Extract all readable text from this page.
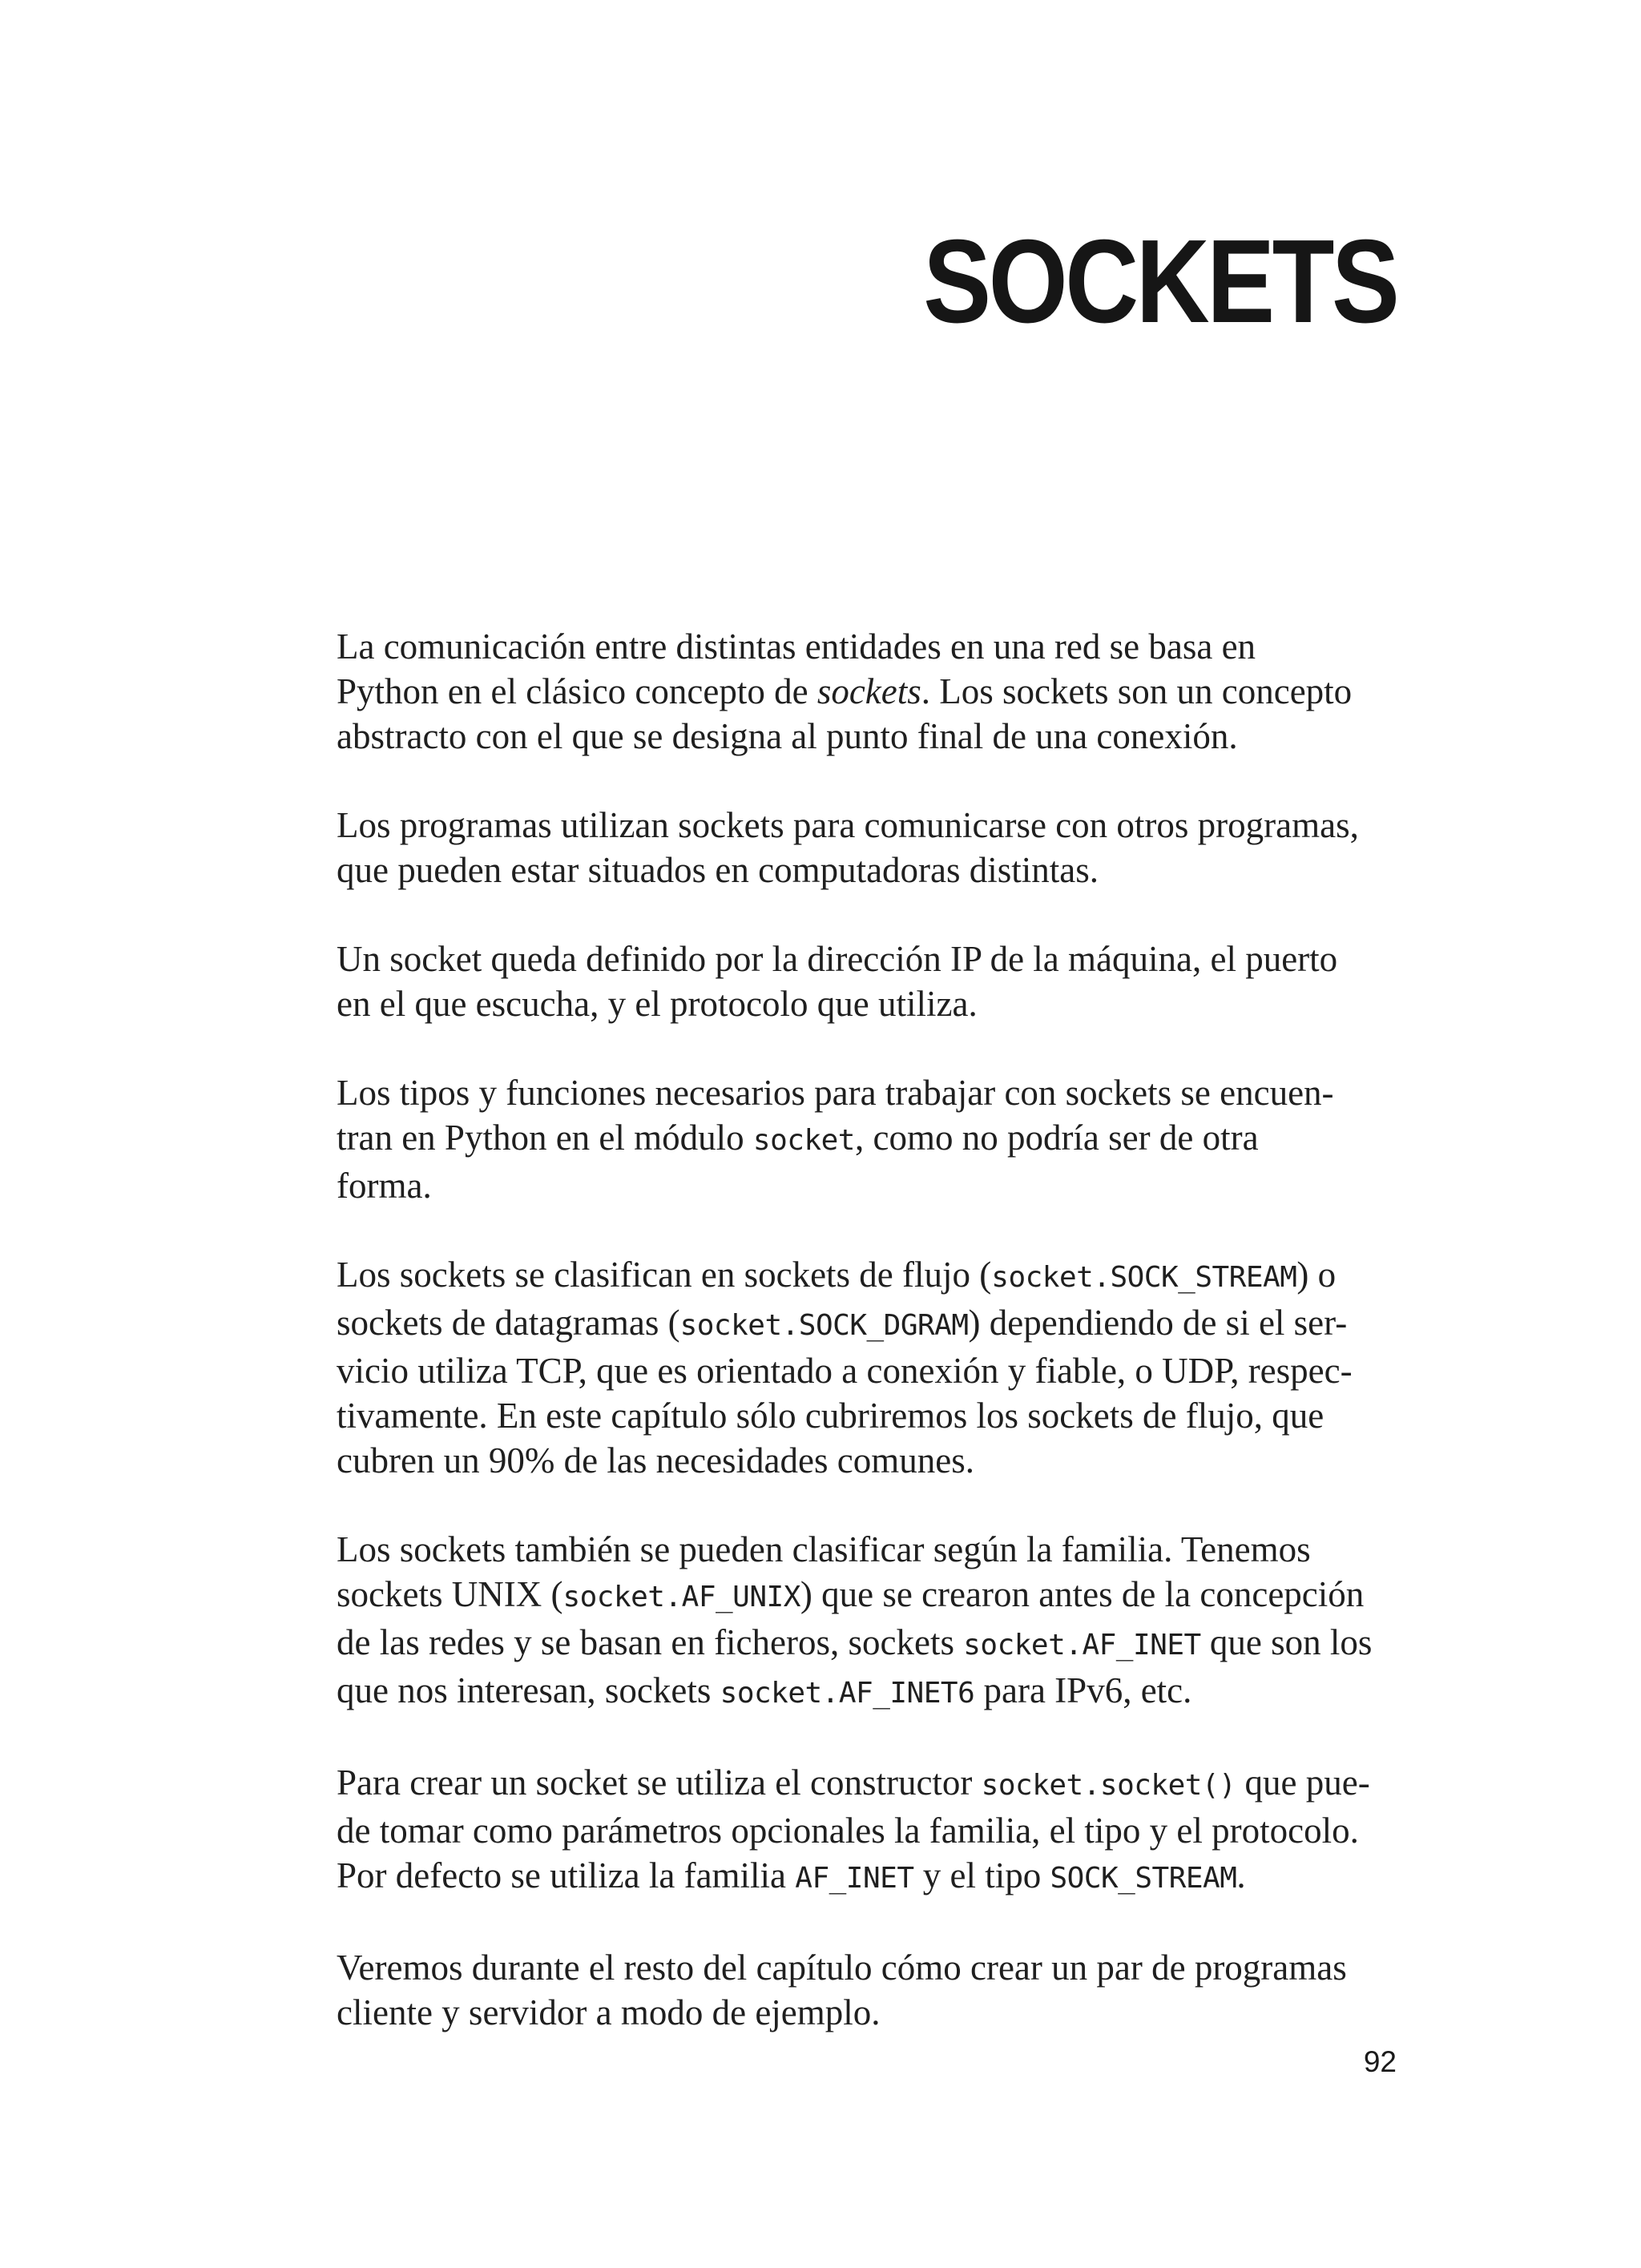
SOCKETS

La comunicación entre distintas entidades en una red se basa en
Python en el clásico concepto de sockets. Los sockets son un concepto
abstracto con el que se designa al punto final de una conexión.

Los programas utilizan sockets para comunicarse con otros programas,
que pueden estar situados en computadoras distintas.

Un socket queda definido por la dirección IP de la máquina, el puerto
en el que escucha, y el protocolo que utiliza.

Los tipos y funciones necesarios para trabajar con sockets se encuen-
tran en Python en el módulo socket, como no podría ser de otra
forma.

Los sockets se clasifican en sockets de flujo (socket.SOCK_STREAM) o
sockets de datagramas (socket.SOCK_DGRAM) dependiendo de si el ser-
vicio utiliza TCP, que es orientado a conexión y fiable, o UDP, respec-
tivamente. En este capítulo sólo cubriremos los sockets de flujo, que
cubren un 90% de las necesidades comunes.

Los sockets también se pueden clasificar según la familia. Tenemos
sockets UNIX (socket.AF_UNIX) que se crearon antes de la concepción
de las redes y se basan en ficheros, sockets socket.AF_INET que son los
que nos interesan, sockets socket.AF_INET6 para IPv6, etc.

Para crear un socket se utiliza el constructor socket.socket() que pue-
de tomar como parámetros opcionales la familia, el tipo y el protocolo.
Por defecto se utiliza la familia AF_INET y el tipo SOCK_STREAM.

Veremos durante el resto del capítulo cómo crear un par de programas
cliente y servidor a modo de ejemplo.

92
